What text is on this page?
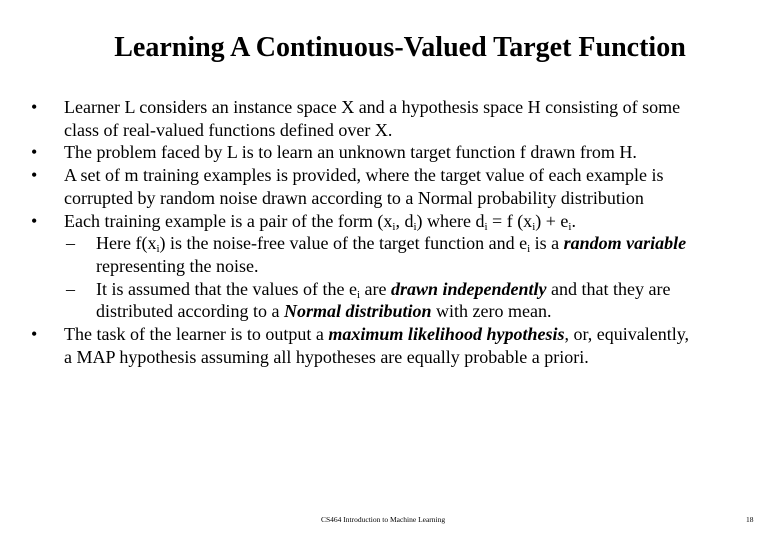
Learning A Continuous-Valued Target Function
• Learner L considers an instance space X and a hypothesis space H consisting of some
class of real-valued functions defined over X.
• The problem faced by L is to learn an unknown target function f drawn from H.
• A set of m training examples is provided, where the target value of each example is
corrupted by random noise drawn according to a Normal probability distribution
• Each training example is a pair of the form ($x_i$, $d_i$) where $d_i = f$ $(x_i) + e_i$.
– Here $f(x_i)$ is the noise-free value of the target function and $e_i$ is a random variable
representing the noise.
– It is assumed that the values of the $e_i$ are drawn independently and that they are
distributed according to a Normal distribution with zero mean.
• The task of the learner is to output a maximum likelihood hypothesis, or, equivalently,
a MAP hypothesis assuming all hypotheses are equally probable a priori.
CS464 Introduction to Machine Learning	18
